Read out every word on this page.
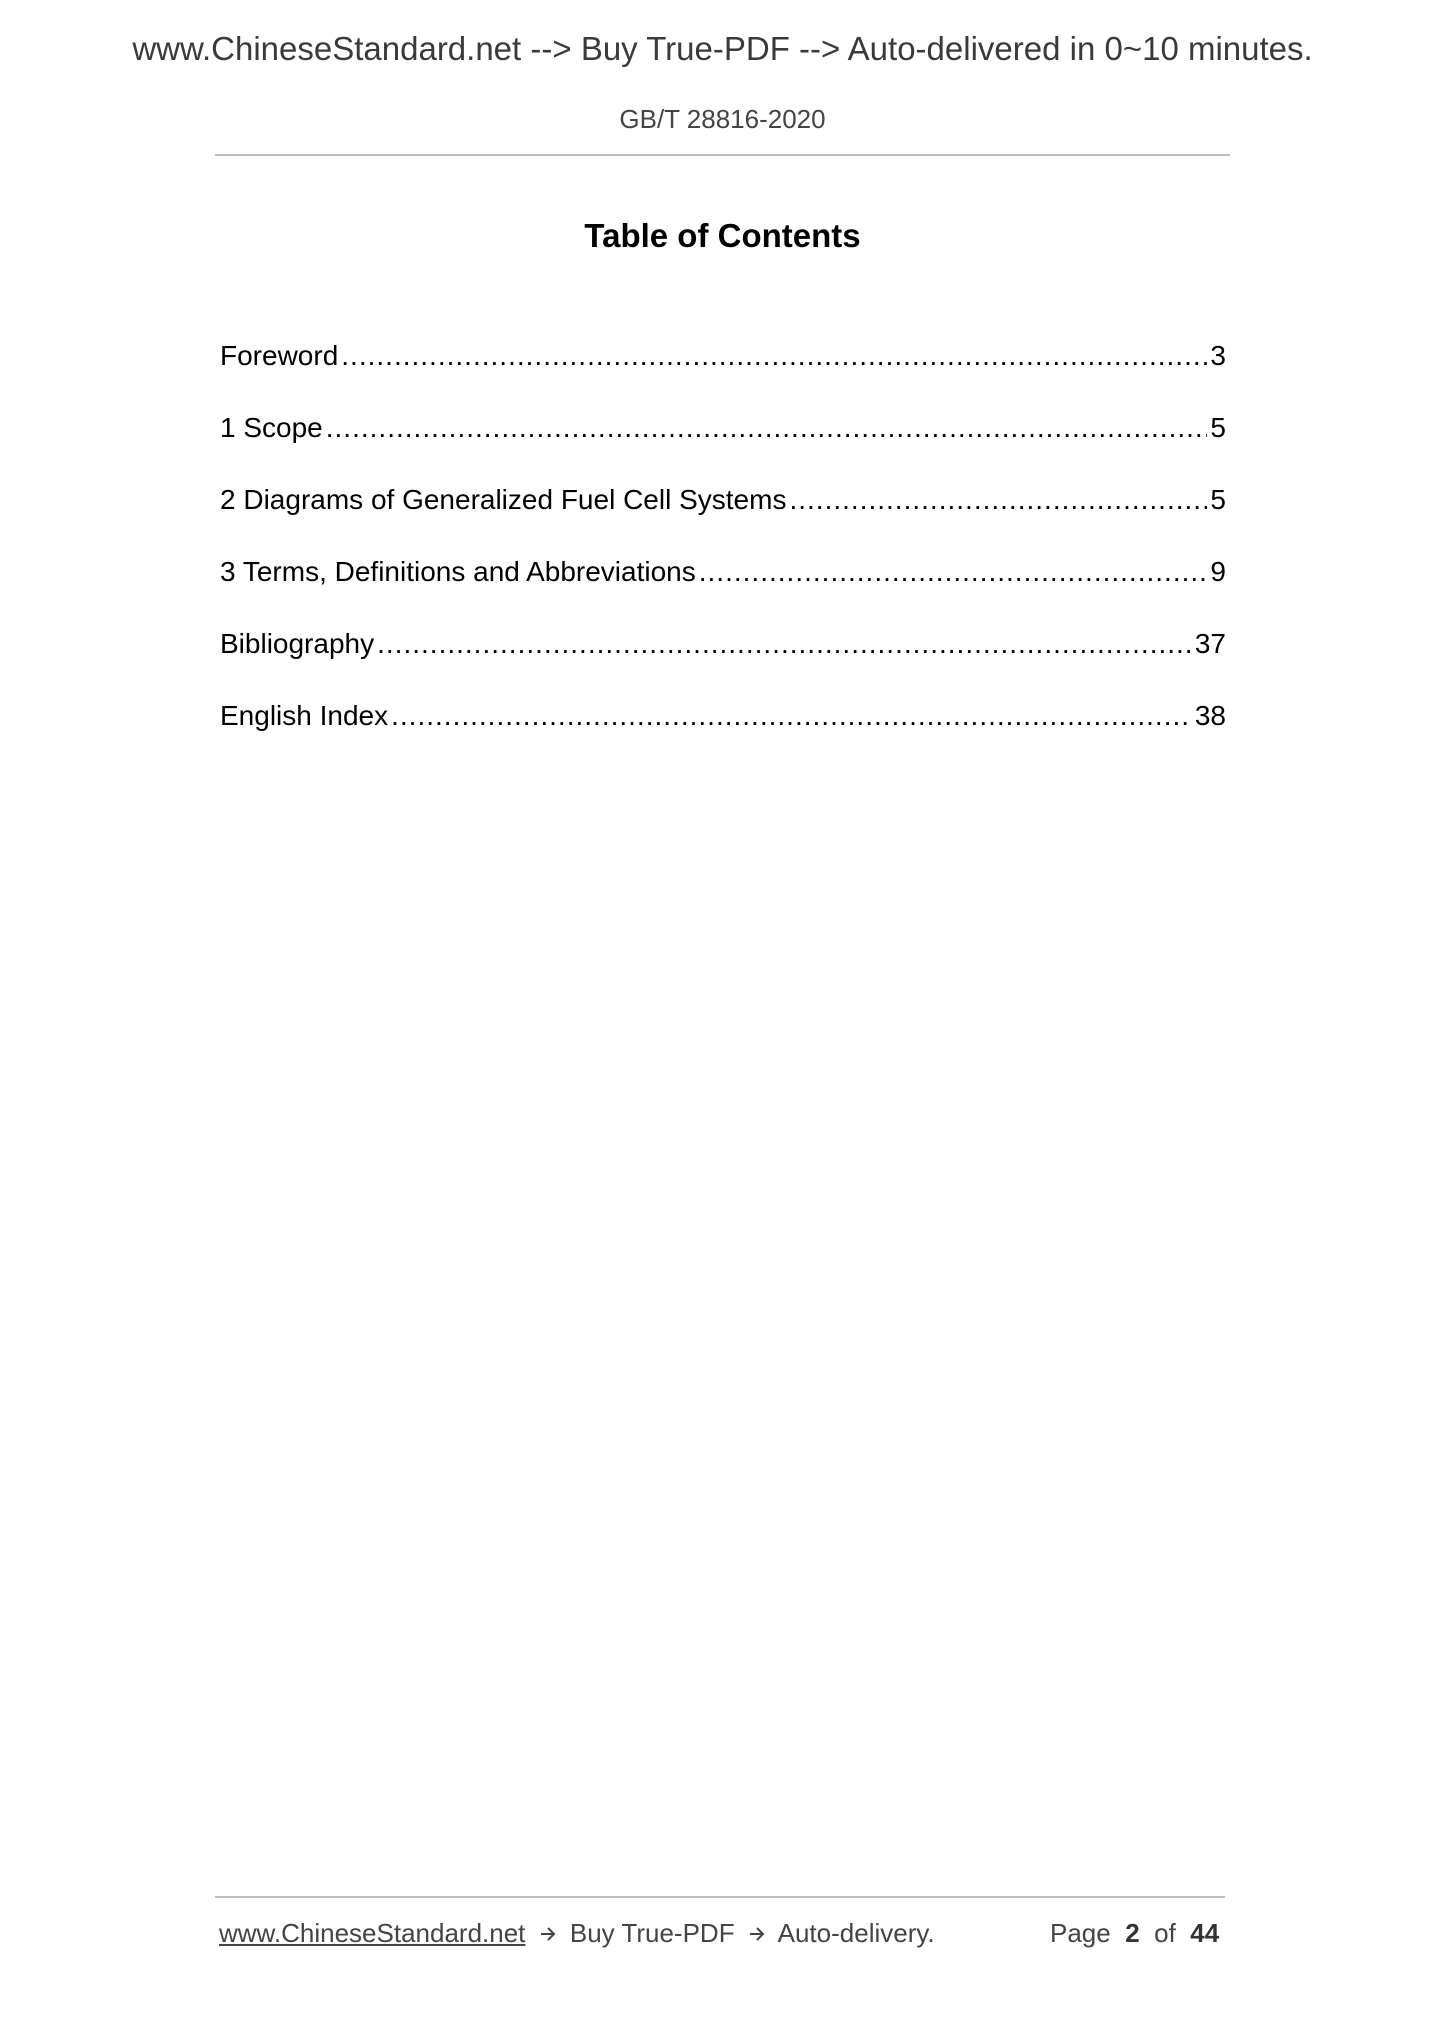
www.ChineseStandard.net --> Buy True-PDF --> Auto-delivered in 0~10 minutes.
GB/T 28816-2020
Table of Contents
Foreword .....	3
1 Scope .....	5
2 Diagrams of Generalized Fuel Cell Systems .....	5
3 Terms, Definitions and Abbreviations .....	9
Bibliography .....	37
English Index .....	38
www.ChineseStandard.net Buy True-PDF Auto-delivery.	Page 2 of 44
